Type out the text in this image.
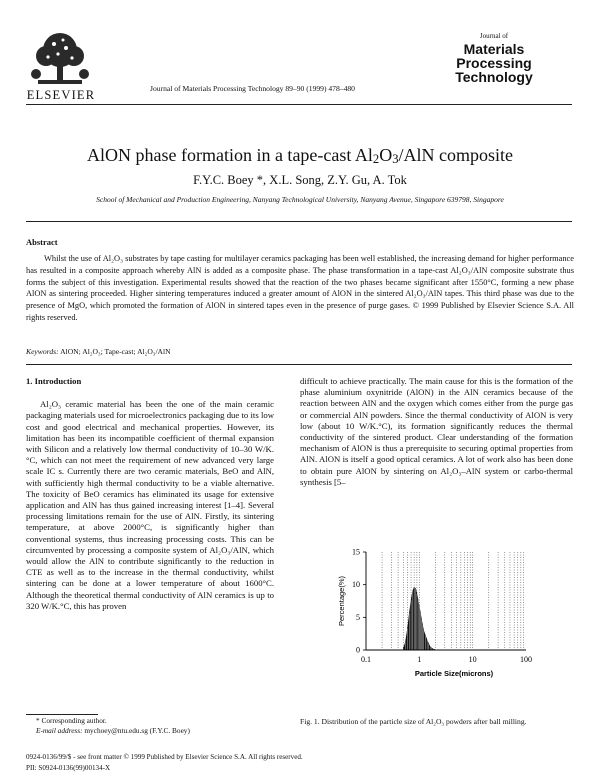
ELSEVIER	Journal of Materials Processing Technology 89–90 (1999) 478–480
Journal of
Materials
Processing
Technology
AlON phase formation in a tape-cast $Al_2O_3$/AlN composite
F.Y.C. Boey *, X.L. Song, Z.Y. Gu, A. Tok
School of Mechanical and Production Engineering, Nanyang Technological University, Nanyang Avenue, Singapore 639798, Singapore
Abstract
Whilst the use of Al₂O₃ substrates by tape casting for multilayer ceramics packaging has been well established, the increasing demand for higher performance has resulted in a composite approach whereby AlN is added as a composite phase. The phase transformation in a tape-cast Al₂O₃/AlN composite substrate thus forms the subject of this investigation. Experimental results showed that the reaction of the two phases became significant after 1550°C, forming a new phase AlON as sintering proceeded. Higher sintering temperatures induced a greater amount of AlON in the sintered Al₂O₃/AlN tapes. This third phase was due to the presence of MgO, which promoted the formation of AlON in sintered tapes even in the presence of purge gases. © 1999 Published by Elsevier Science S.A. All rights reserved.
Keywords: AlON; Al₂O₃; Tape-cast; Al₂O₃/AlN
1. Introduction

Al₂O₃ ceramic material has been the one of the main ceramic packaging materials used for microelectronics packaging due to its low cost and good electrical and mechanical properties. However, its limitation has been its incompatible coefficient of thermal expansion with Silicon and a relatively low thermal conductivity of 10–30 W/K.°C, which can not meet the requirement of new advanced very large scale IC s. Currently there are two ceramic materials, BeO and AlN, with sufficiently high thermal conductivity to be a viable alternative. The toxicity of BeO ceramics has eliminated its usage for extensive application and AlN has thus gained increasing interest [1–4]. Several processing limitations remain for the use of AlN. Firstly, its sintering temperature, at above 2000°C, is significantly higher than conventional systems, thus increasing processing costs. This can be circumvented by processing a composite system of Al₂O₃/AlN, which would allow the AlN to contribute significantly to the reduction in CTE as well as to the increase in the thermal conductivity, whilst sintering can be done at a lower temperature of about 1600°C. Although the theoretical thermal conductivity of AlN ceramics is up to 320 W/K.°C, this has proven

difficult to achieve practically. The main cause for this is the formation of the phase aluminium oxynitride (AlON) in the AlN ceramics because of the reaction between AlN and the oxygen which comes either from the purge gas or commercial AlN powders. Since the thermal conductivity of AlON is very low (about 10 W/K.°C), its formation significantly reduces the thermal conductivity of the sintered product. Clear understanding of the formation mechanism of AlON is thus a prerequisite to securing optimal properties from AlN. AlON is itself a good optical ceramics. A lot of work also has been done to obtain pure AlON by sintering on Al₂O₃–AlN system or carbo-thermal synthesis [5–

0
5
10
15
0.1	1	10	100
Particle Size(microns)
Percentage(%)
Fig. 1. Distribution of the particle size of Al₂O₃ powders after ball milling.
* Corresponding author.
E-mail address: mychoey@ntu.edu.sg (F.Y.C. Boey)
0924-0136/99/$ - see front matter © 1999 Published by Elsevier Science S.A. All rights reserved.
PII: S0924-0136(99)00134-X
